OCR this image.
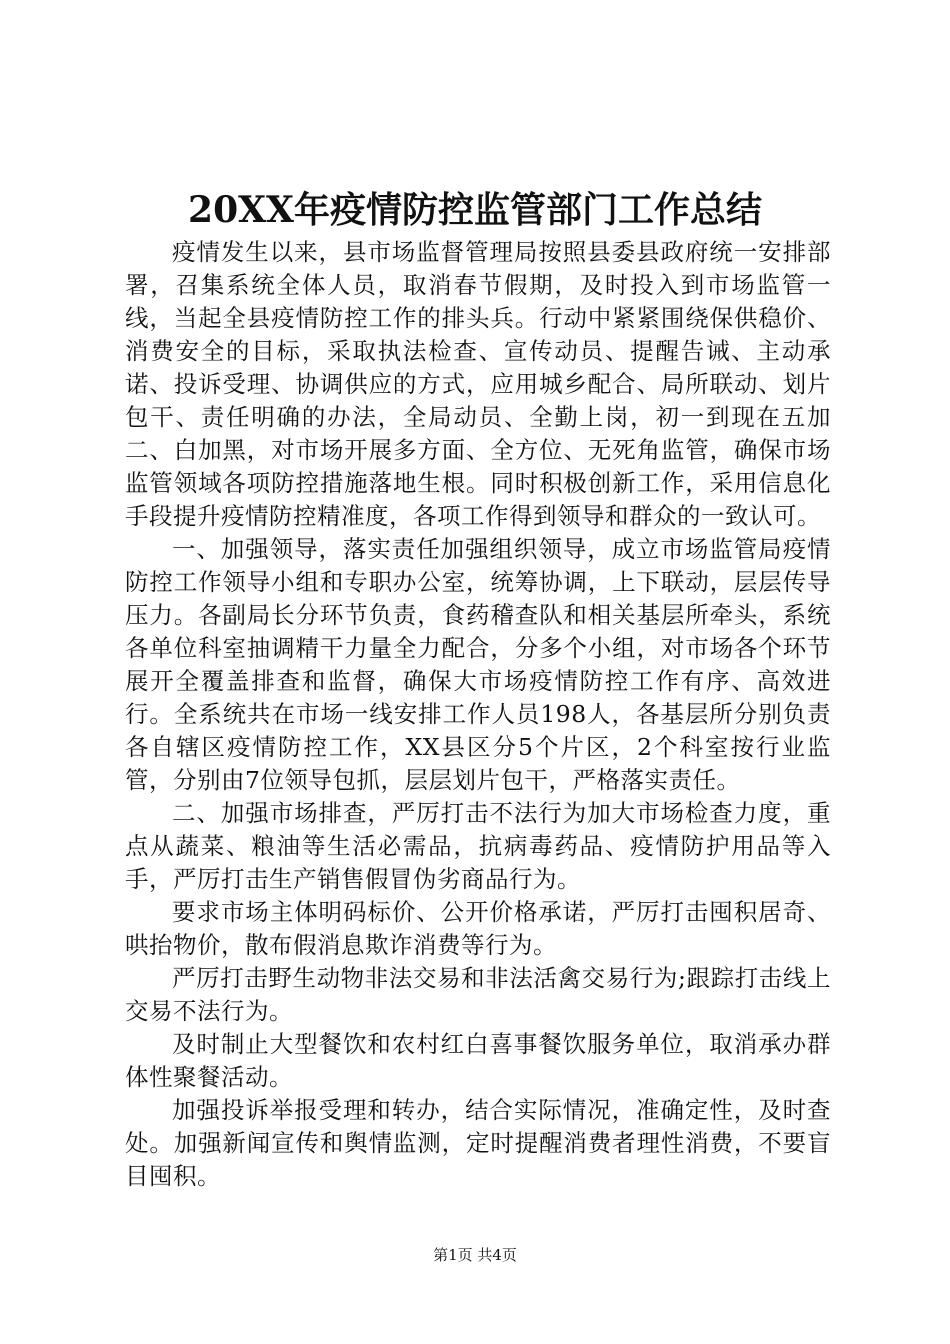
20XX年疫情防控监管部门工作总结

疫情发生以来，县市场监督管理局按照县委县政府统一安排部署，召集系统全体人员，取消春节假期，及时投入到市场监管一线，当起全县疫情防控工作的排头兵。行动中紧紧围绕保供稳价、消费安全的目标，采取执法检查、宣传动员、提醒告诫、主动承诺、投诉受理、协调供应的方式，应用城乡配合、局所联动、划片包干、责任明确的办法，全局动员、全勤上岗，初一到现在五加二、白加黑，对市场开展多方面、全方位、无死角监管，确保市场监管领域各项防控措施落地生根。同时积极创新工作，采用信息化手段提升疫情防控精准度，各项工作得到领导和群众的一致认可。

一、加强领导，落实责任加强组织领导，成立市场监管局疫情防控工作领导小组和专职办公室，统筹协调，上下联动，层层传导压力。各副局长分环节负责，食药稽查队和相关基层所牵头，系统各单位科室抽调精干力量全力配合，分多个小组，对市场各个环节展开全覆盖排查和监督，确保大市场疫情防控工作有序、高效进行。全系统共在市场一线安排工作人员198人，各基层所分别负责各自辖区疫情防控工作，XX县区分5个片区，2个科室按行业监管，分别由7位领导包抓，层层划片包干，严格落实责任。

二、加强市场排查，严厉打击不法行为加大市场检查力度，重点从蔬菜、粮油等生活必需品，抗病毒药品、疫情防护用品等入手，严厉打击生产销售假冒伪劣商品行为。

要求市场主体明码标价、公开价格承诺，严厉打击囤积居奇、哄抬物价，散布假消息欺诈消费等行为。

严厉打击野生动物非法交易和非法活禽交易行为;跟踪打击线上交易不法行为。

及时制止大型餐饮和农村红白喜事餐饮服务单位，取消承办群体性聚餐活动。

加强投诉举报受理和转办，结合实际情况，准确定性，及时查处。加强新闻宣传和舆情监测，定时提醒消费者理性消费，不要盲目囤积。

第1页 共4页
